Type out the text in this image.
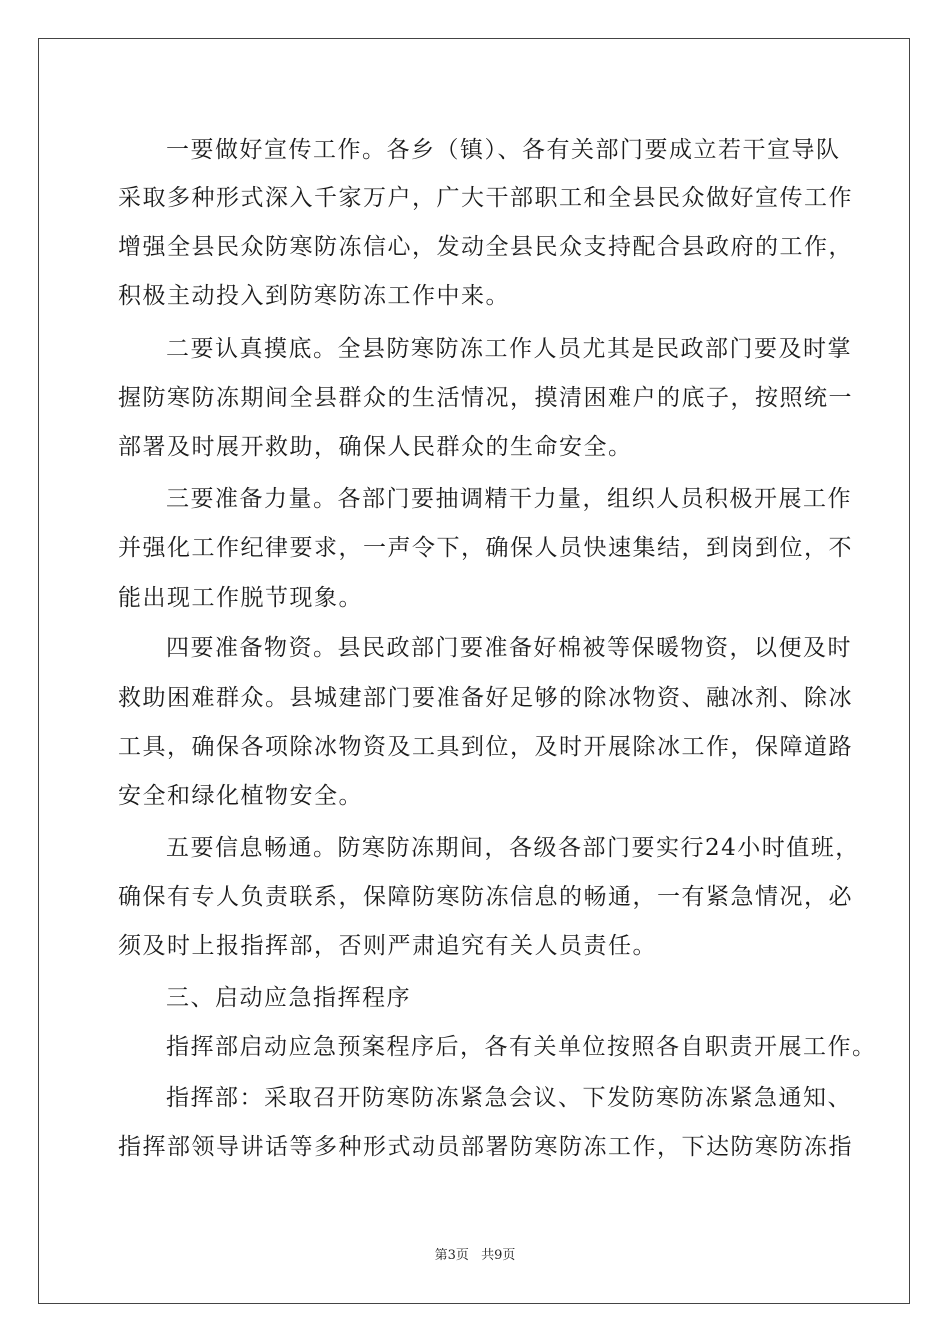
一要做好宣传工作。各乡（镇）、各有关部门要成立若干宣导队
采取多种形式深入千家万户，广大干部职工和全县民众做好宣传工作
增强全县民众防寒防冻信心，发动全县民众支持配合县政府的工作，
积极主动投入到防寒防冻工作中来。
二要认真摸底。全县防寒防冻工作人员尤其是民政部门要及时掌
握防寒防冻期间全县群众的生活情况，摸清困难户的底子，按照统一
部署及时展开救助，确保人民群众的生命安全。
三要准备力量。各部门要抽调精干力量，组织人员积极开展工作
并强化工作纪律要求，一声令下，确保人员快速集结，到岗到位，不
能出现工作脱节现象。
四要准备物资。县民政部门要准备好棉被等保暖物资，以便及时
救助困难群众。县城建部门要准备好足够的除冰物资、融冰剂、除冰
工具，确保各项除冰物资及工具到位，及时开展除冰工作，保障道路
安全和绿化植物安全。
五要信息畅通。防寒防冻期间，各级各部门要实行24小时值班，
确保有专人负责联系，保障防寒防冻信息的畅通，一有紧急情况，必
须及时上报指挥部，否则严肃追究有关人员责任。
三、启动应急指挥程序
指挥部启动应急预案程序后，各有关单位按照各自职责开展工作。
指挥部：采取召开防寒防冻紧急会议、下发防寒防冻紧急通知、
指挥部领导讲话等多种形式动员部署防寒防冻工作，下达防寒防冻指
第3页 共9页
